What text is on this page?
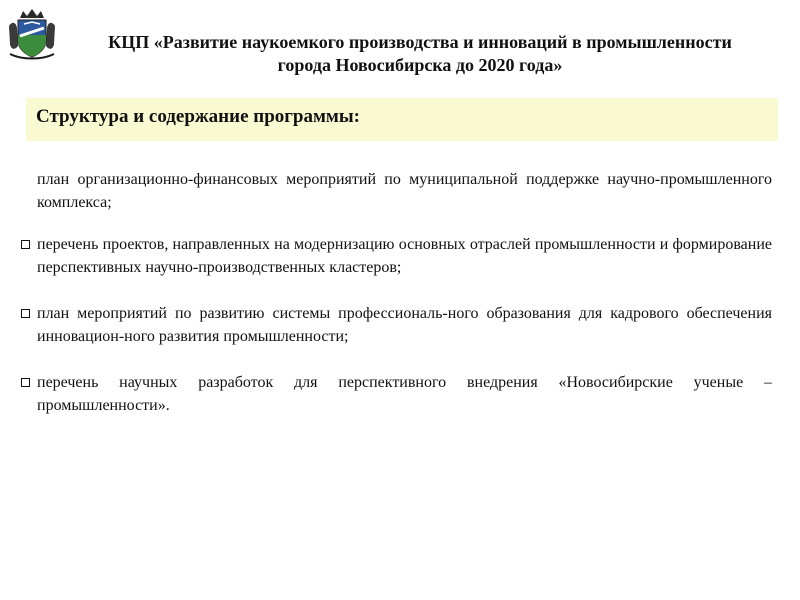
КЦП «Развитие наукоемкого производства и инноваций в промышленности
города Новосибирска до 2020 года»
Структура и содержание программы:
план организационно-финансовых мероприятий по муниципальной поддержке научно-промышленного комплекса;
перечень проектов, направленных на модернизацию основных отраслей промышленности и формирование перспективных научно-производственных кластеров;
план мероприятий по развитию системы профессиональ-ного образования для кадрового обеспечения инновацион-ного развития промышленности;
перечень научных разработок для перспективного внедрения «Новосибирские ученые – промышленности».
